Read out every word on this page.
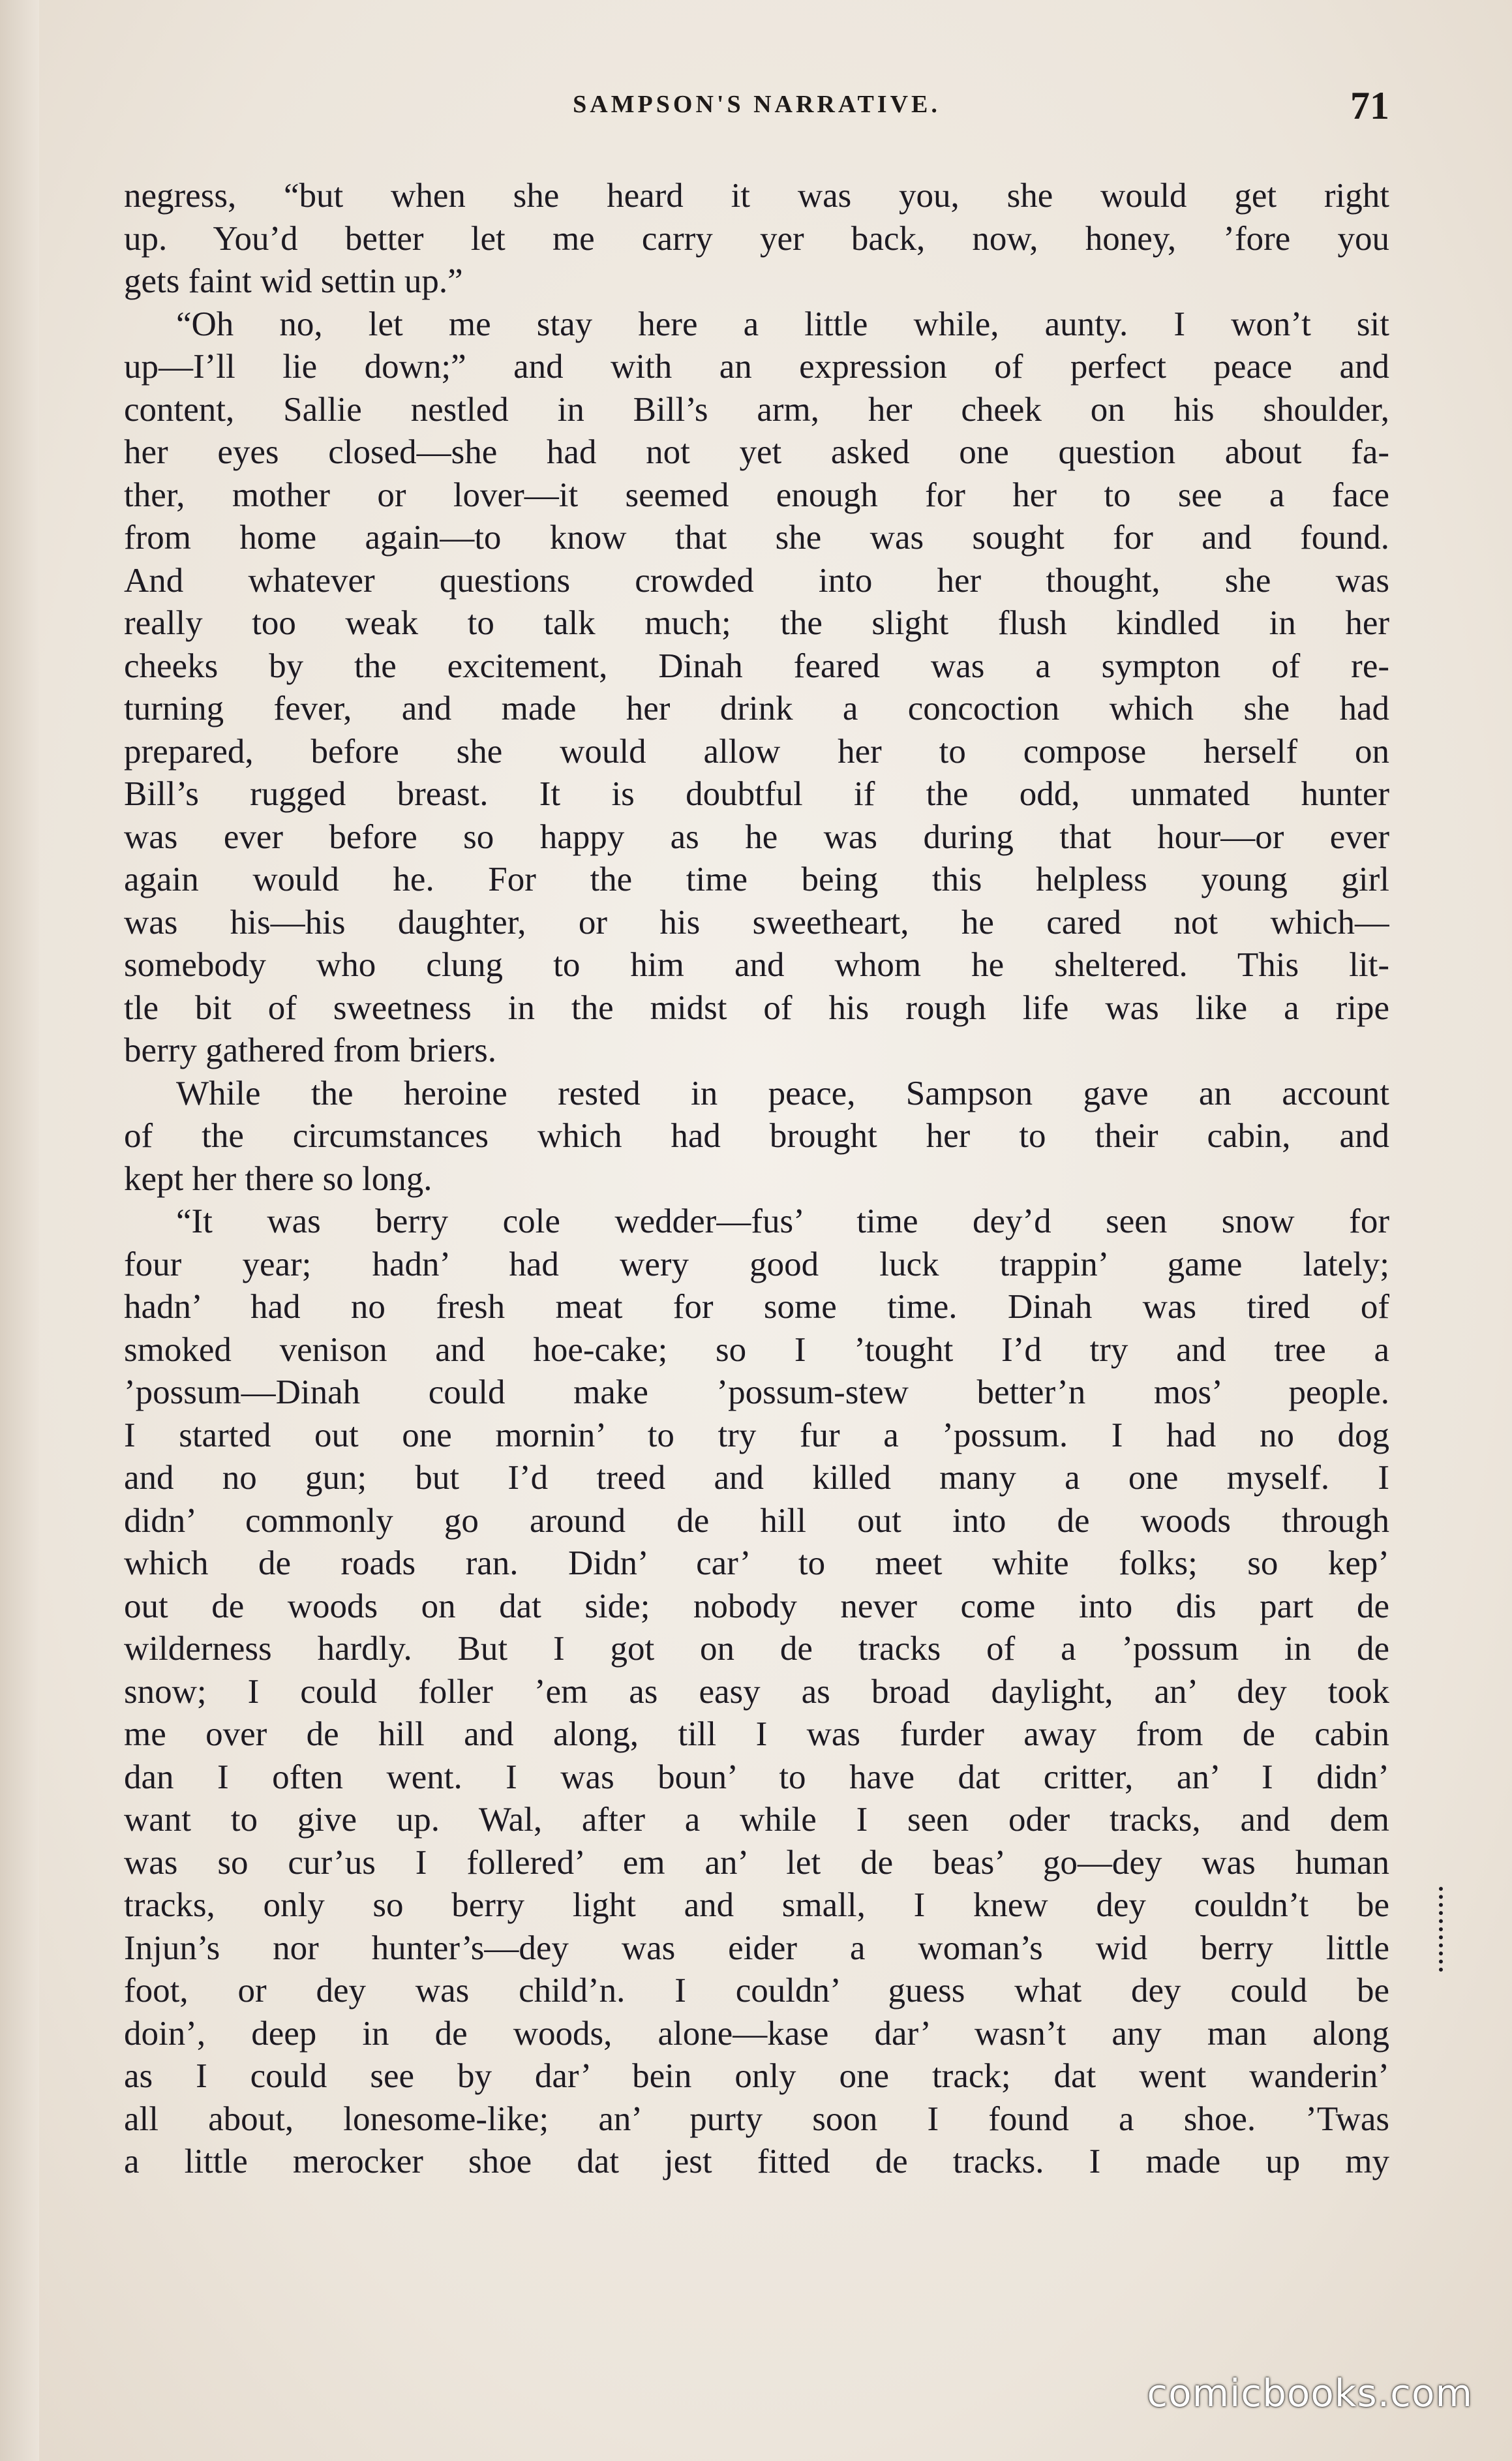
SAMPSON'S NARRATIVE.	71
negress, “but when she heard it was you, she would get right
up. You’d better let me carry yer back, now, honey, ’fore you
gets faint wid settin up.”
“Oh no, let me stay here a little while, aunty. I won’t sit
up—I’ll lie down;” and with an expression of perfect peace and
content, Sallie nestled in Bill’s arm, her cheek on his shoulder,
her eyes closed—she had not yet asked one question about fa-
ther, mother or lover—it seemed enough for her to see a face
from home again—to know that she was sought for and found.
And whatever questions crowded into her thought, she was
really too weak to talk much; the slight flush kindled in her
cheeks by the excitement, Dinah feared was a sympton of re-
turning fever, and made her drink a concoction which she had
prepared, before she would allow her to compose herself on
Bill’s rugged breast. It is doubtful if the odd, unmated hunter
was ever before so happy as he was during that hour—or ever
again would he. For the time being this helpless young girl
was his—his daughter, or his sweetheart, he cared not which—
somebody who clung to him and whom he sheltered. This lit-
tle bit of sweetness in the midst of his rough life was like a ripe
berry gathered from briers.
While the heroine rested in peace, Sampson gave an account
of the circumstances which had brought her to their cabin, and
kept her there so long.
“It was berry cole wedder—fus’ time dey’d seen snow for
four year; hadn’ had wery good luck trappin’ game lately;
hadn’ had no fresh meat for some time. Dinah was tired of
smoked venison and hoe-cake; so I ’tought I’d try and tree a
’possum—Dinah could make ’possum-stew better’n mos’ people.
I started out one mornin’ to try fur a ’possum. I had no dog
and no gun; but I’d treed and killed many a one myself. I
didn’ commonly go around de hill out into de woods through
which de roads ran. Didn’ car’ to meet white folks; so kep’
out de woods on dat side; nobody never come into dis part de
wilderness hardly. But I got on de tracks of a ’possum in de
snow; I could foller ’em as easy as broad daylight, an’ dey took
me over de hill and along, till I was furder away from de cabin
dan I often went. I was boun’ to have dat critter, an’ I didn’
want to give up. Wal, after a while I seen oder tracks, and dem
was so cur’us I follered’ em an’ let de beas’ go—dey was human
tracks, only so berry light and small, I knew dey couldn’t be
Injun’s nor hunter’s—dey was eider a woman’s wid berry little
foot, or dey was child’n. I couldn’ guess what dey could be
doin’, deep in de woods, alone—kase dar’ wasn’t any man along
as I could see by dar’ bein only one track; dat went wanderin’
all about, lonesome-like; an’ purty soon I found a shoe. ’Twas
a little merocker shoe dat jest fitted de tracks. I made up my
comicbooks.com
